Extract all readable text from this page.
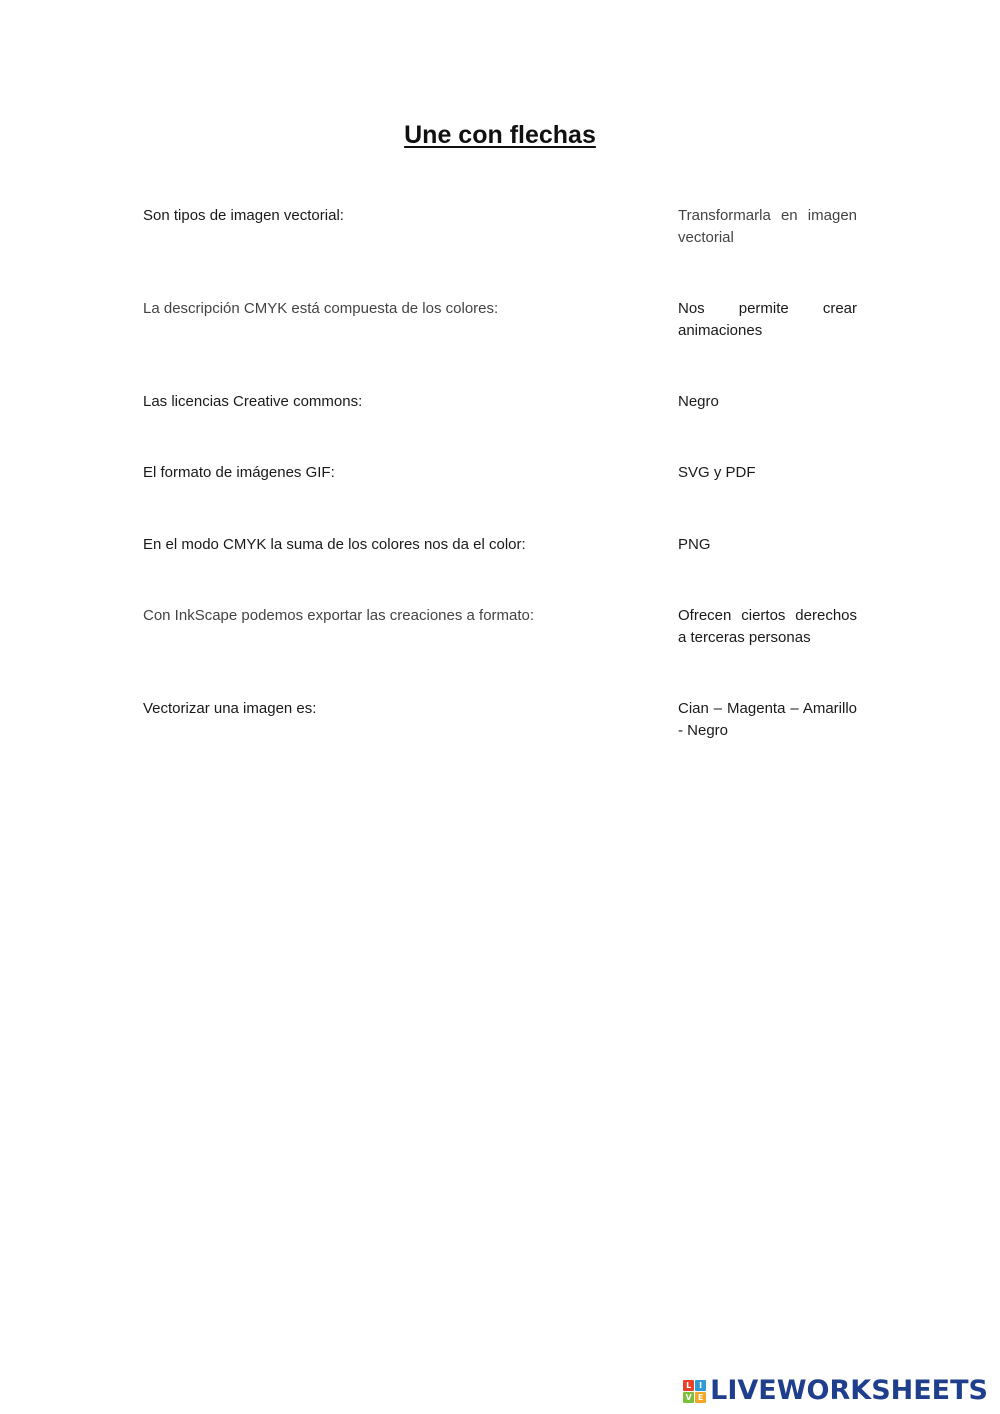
Une con flechas
Son tipos de imagen vectorial:
La descripción CMYK está compuesta de los colores:
Las licencias Creative commons:
El formato de imágenes GIF:
En el modo CMYK la suma de los colores nos da el color:
Con InkScape podemos exportar las creaciones a formato:
Vectorizar una imagen es:
Transformarla en imagen vectorial
Nos permite crear animaciones
Negro
SVG y PDF
PNG
Ofrecen ciertos derechos a terceras personas
Cian – Magenta – Amarillo - Negro
L I
V E LIVEWORKSHEETS
